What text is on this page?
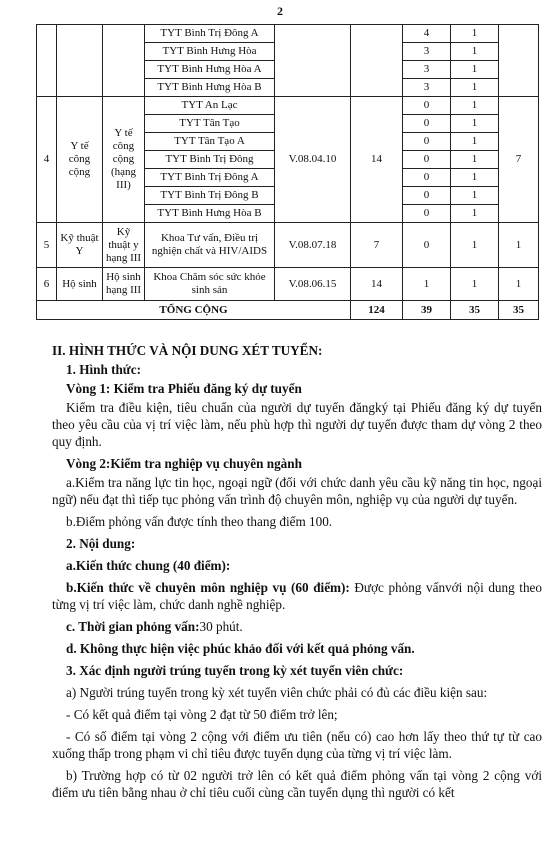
2
			TYT Bình Trị Đông A			4	1	
			TYT Bình Hưng Hòa			3	1	
			TYT Bình Hưng Hòa A			3	1	
			TYT Bình Hưng Hòa B			3	1	
4	Y tế công cộng	Y tế công cộng (hạng III)	TYT An Lạc	V.08.04.10	14	0	1	7
			TYT Tân Tạo			0	1	
			TYT Tân Tạo A			0	1	
			TYT Bình Trị Đông			0	1	
			TYT Bình Trị Đông A			0	1	
			TYT Bình Trị Đông B			0	1	
			TYT Bình Hưng Hòa B			0	1	
5	Kỹ thuật Y	Kỹ thuật y hạng III	Khoa Tư vấn, Điều trị nghiện chất và HIV/AIDS	V.08.07.18	7	0	1	1
6	Hộ sinh	Hộ sinh hạng III	Khoa Chăm sóc sức khỏe sinh sản	V.08.06.15	14	1	1	1
TỔNG CỘNG					124	39	35	35

II. HÌNH THỨC VÀ NỘI DUNG XÉT TUYỂN:

1. Hình thức:

Vòng 1: Kiểm tra Phiếu đăng ký dự tuyển

Kiểm tra điều kiện, tiêu chuẩn của người dự tuyển đăngký tại Phiếu đăng ký dự tuyển theo yêu cầu của vị trí việc làm, nếu phù hợp thì người dự tuyển được tham dự vòng 2 theo quy định.

Vòng 2:Kiểm tra nghiệp vụ chuyên ngành

a.Kiểm tra năng lực tin học, ngoại ngữ (đối với chức danh yêu cầu kỹ năng tin học, ngoại ngữ) nếu đạt thì tiếp tục phỏng vấn trình độ chuyên môn, nghiệp vụ của người dự tuyển.

b.Điểm phỏng vấn được tính theo thang điểm 100.

2. Nội dung:

a.Kiến thức chung (40 điểm):

b.Kiến thức về chuyên môn nghiệp vụ (60 điểm): Được phỏng vấnvới nội dung theo từng vị trí việc làm, chức danh nghề nghiệp.

c. Thời gian phỏng vấn:30 phút.

d. Không thực hiện việc phúc khảo đối với kết quả phỏng vấn.

3. Xác định người trúng tuyển trong kỳ xét tuyển viên chức:

a) Người trúng tuyển trong kỳ xét tuyển viên chức phải có đủ các điều kiện sau:

- Có kết quả điểm tại vòng 2 đạt từ 50 điểm trở lên;

- Có số điểm tại vòng 2 cộng với điểm ưu tiên (nếu có) cao hơn lấy theo thứ tự từ cao xuống thấp trong phạm vi chỉ tiêu được tuyển dụng của từng vị trí việc làm.

b) Trường hợp có từ 02 người trở lên có kết quả điểm phỏng vấn tại vòng 2 cộng với điểm ưu tiên bằng nhau ở chỉ tiêu cuối cùng cần tuyển dụng thì người có kết
